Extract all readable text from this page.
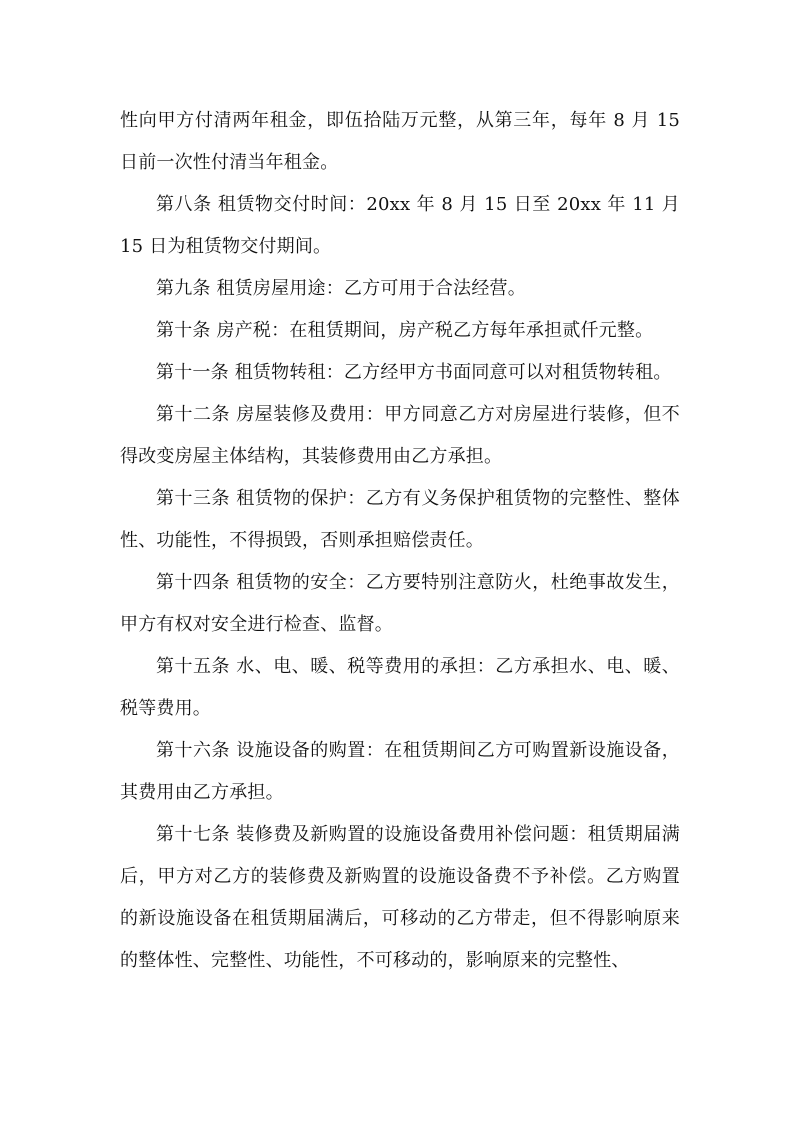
性向甲方付清两年租金，即伍拾陆万元整，从第三年，每年 8 月 15 日前一次性付清当年租金。

第八条 租赁物交付时间：20xx 年 8 月 15 日至 20xx 年 11 月 15 日为租赁物交付期间。

第九条 租赁房屋用途：乙方可用于合法经营。

第十条 房产税：在租赁期间，房产税乙方每年承担贰仟元整。

第十一条 租赁物转租：乙方经甲方书面同意可以对租赁物转租。

第十二条 房屋装修及费用：甲方同意乙方对房屋进行装修，但不得改变房屋主体结构，其装修费用由乙方承担。

第十三条 租赁物的保护：乙方有义务保护租赁物的完整性、整体性、功能性，不得损毁，否则承担赔偿责任。

第十四条 租赁物的安全：乙方要特别注意防火，杜绝事故发生，甲方有权对安全进行检查、监督。

第十五条 水、电、暖、税等费用的承担：乙方承担水、电、暖、税等费用。

第十六条 设施设备的购置：在租赁期间乙方可购置新设施设备，其费用由乙方承担。

第十七条 装修费及新购置的设施设备费用补偿问题：租赁期届满后，甲方对乙方的装修费及新购置的设施设备费不予补偿。乙方购置的新设施设备在租赁期届满后，可移动的乙方带走，但不得影响原来的整体性、完整性、功能性，不可移动的，影响原来的完整性、
